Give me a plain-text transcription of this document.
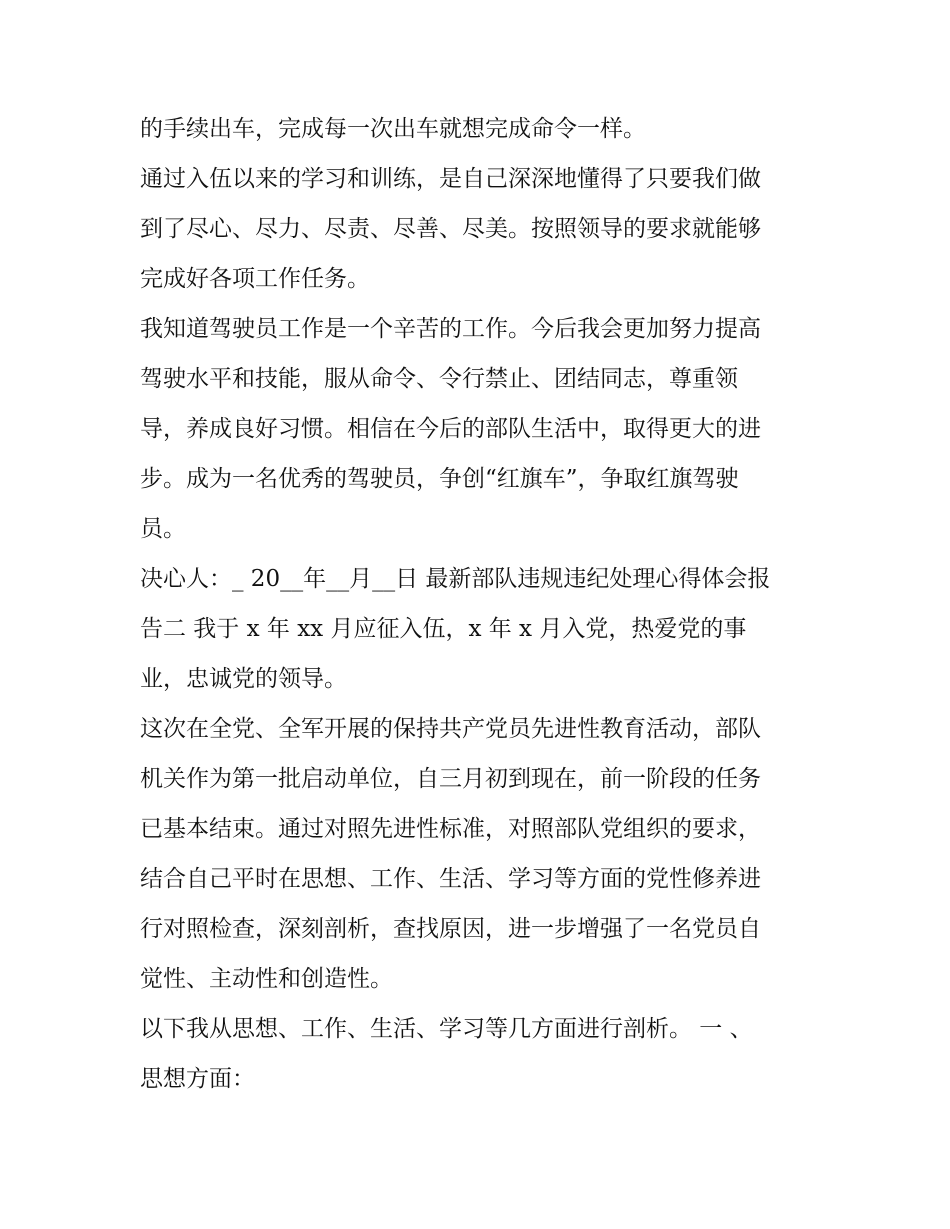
的手续出车，完成每一次出车就想完成命令一样。
通过入伍以来的学习和训练，是自己深深地懂得了只要我们做
到了尽心、尽力、尽责、尽善、尽美。按照领导的要求就能够
完成好各项工作任务。
我知道驾驶员工作是一个辛苦的工作。今后我会更加努力提高
驾驶水平和技能，服从命令、令行禁止、团结同志，尊重领
导，养成良好习惯。相信在今后的部队生活中，取得更大的进
步。成为一名优秀的驾驶员，争创“红旗车”，争取红旗驾驶
员。
决心人：_ 20__年__月__日 最新部队违规违纪处理心得体会报
告二 我于 x 年 xx 月应征入伍，x 年 x 月入党，热爱党的事
业，忠诚党的领导。
这次在全党、全军开展的保持共产党员先进性教育活动，部队
机关作为第一批启动单位，自三月初到现在，前一阶段的任务
已基本结束。通过对照先进性标准，对照部队党组织的要求，
结合自己平时在思想、工作、生活、学习等方面的党性修养进
行对照检查，深刻剖析，查找原因，进一步增强了一名党员自
觉性、主动性和创造性。
以下我从思想、工作、生活、学习等几方面进行剖析。 一 、
思想方面：
